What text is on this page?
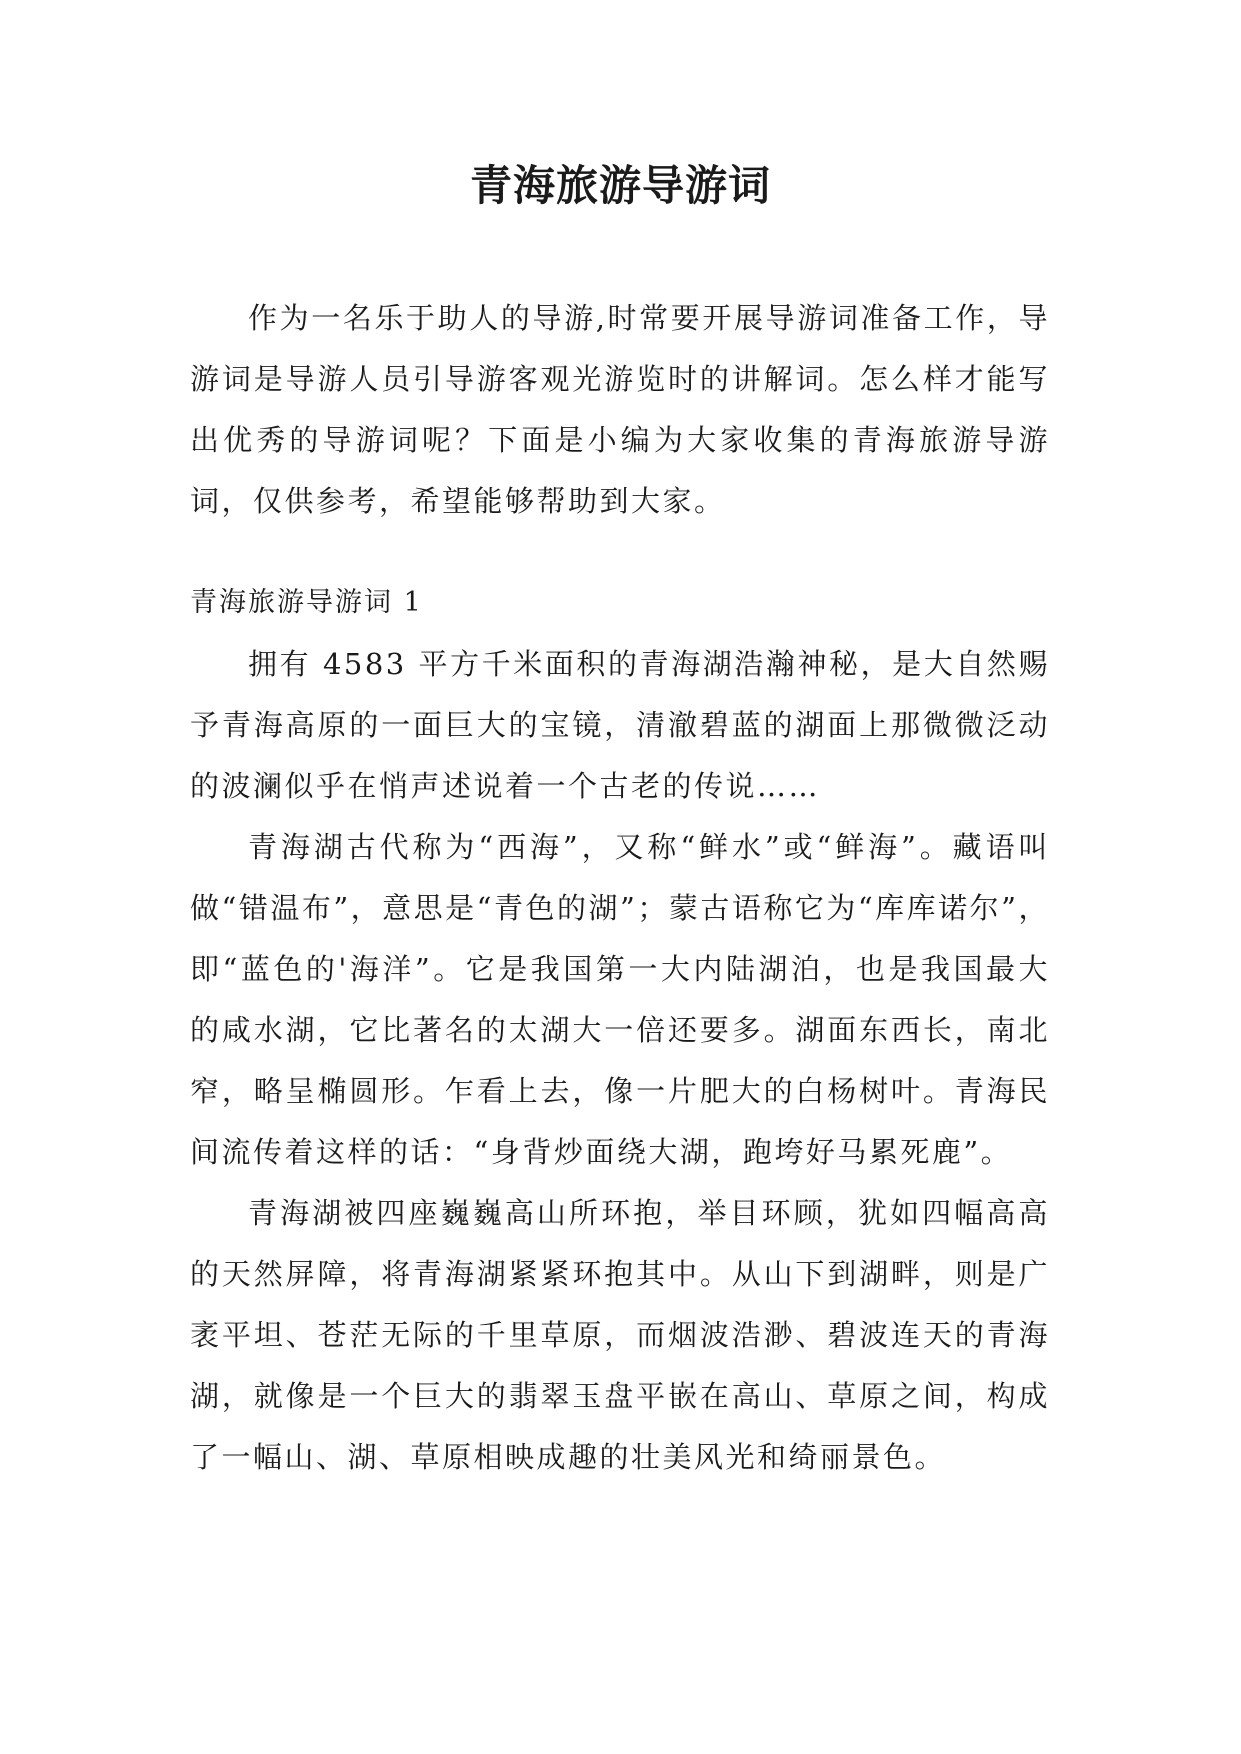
青海旅游导游词

作为一名乐于助人的导游,时常要开展导游词准备工作，导游词是导游人员引导游客观光游览时的讲解词。怎么样才能写出优秀的导游词呢？下面是小编为大家收集的青海旅游导游词，仅供参考，希望能够帮助到大家。

青海旅游导游词 1

拥有 4583 平方千米面积的青海湖浩瀚神秘，是大自然赐予青海高原的一面巨大的宝镜，清澈碧蓝的湖面上那微微泛动的波澜似乎在悄声述说着一个古老的传说……

青海湖古代称为“西海”，又称“鲜水”或“鲜海”。藏语叫做“错温布”，意思是“青色的湖”；蒙古语称它为“库库诺尔”，即“蓝色的'海洋”。它是我国第一大内陆湖泊，也是我国最大的咸水湖，它比著名的太湖大一倍还要多。湖面东西长，南北窄，略呈椭圆形。乍看上去，像一片肥大的白杨树叶。青海民间流传着这样的话：“身背炒面绕大湖，跑垮好马累死鹿”。

青海湖被四座巍巍高山所环抱，举目环顾，犹如四幅高高的天然屏障，将青海湖紧紧环抱其中。从山下到湖畔，则是广袤平坦、苍茫无际的千里草原，而烟波浩渺、碧波连天的青海湖，就像是一个巨大的翡翠玉盘平嵌在高山、草原之间，构成了一幅山、湖、草原相映成趣的壮美风光和绮丽景色。
